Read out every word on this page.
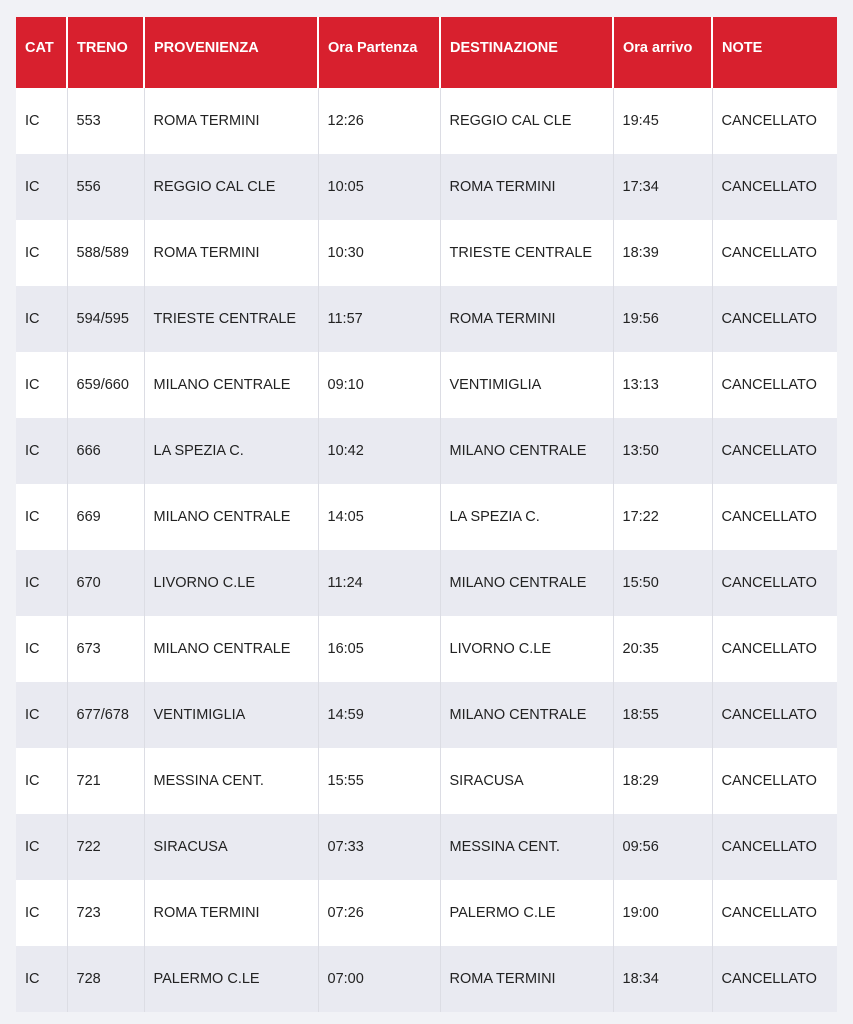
CAT	TRENO	PROVENIENZA	Ora Partenza	DESTINAZIONE	Ora arrivo	NOTE
IC	553	ROMA TERMINI	12:26	REGGIO CAL CLE	19:45	CANCELLATO
IC	556	REGGIO CAL CLE	10:05	ROMA TERMINI	17:34	CANCELLATO
IC	588/589	ROMA TERMINI	10:30	TRIESTE CENTRALE	18:39	CANCELLATO
IC	594/595	TRIESTE CENTRALE	11:57	ROMA TERMINI	19:56	CANCELLATO
IC	659/660	MILANO CENTRALE	09:10	VENTIMIGLIA	13:13	CANCELLATO
IC	666	LA SPEZIA C.	10:42	MILANO CENTRALE	13:50	CANCELLATO
IC	669	MILANO CENTRALE	14:05	LA SPEZIA C.	17:22	CANCELLATO
IC	670	LIVORNO C.LE	11:24	MILANO CENTRALE	15:50	CANCELLATO
IC	673	MILANO CENTRALE	16:05	LIVORNO C.LE	20:35	CANCELLATO
IC	677/678	VENTIMIGLIA	14:59	MILANO CENTRALE	18:55	CANCELLATO
IC	721	MESSINA CENT.	15:55	SIRACUSA	18:29	CANCELLATO
IC	722	SIRACUSA	07:33	MESSINA CENT.	09:56	CANCELLATO
IC	723	ROMA TERMINI	07:26	PALERMO C.LE	19:00	CANCELLATO
IC	728	PALERMO C.LE	07:00	ROMA TERMINI	18:34	CANCELLATO
